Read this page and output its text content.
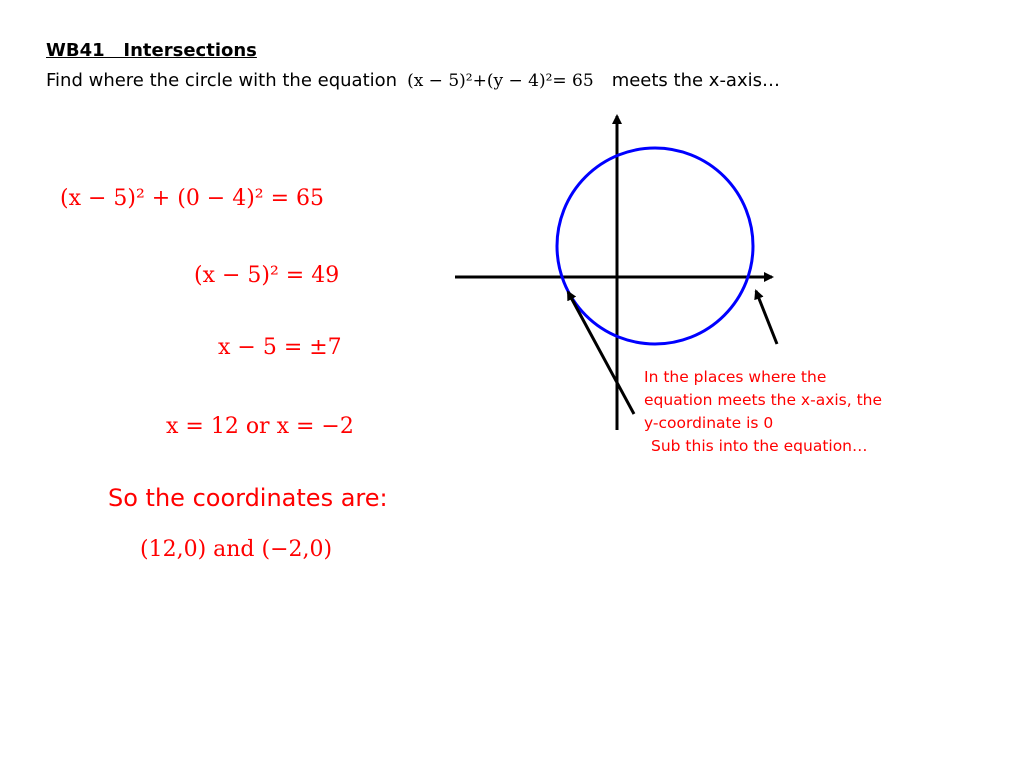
WB41   Intersections
Find where the circle with the equation (x − 5)²+(y − 4)²= 65 meets the x-axis…
(x − 5)² + (0 − 4)² = 65
(x − 5)² = 49
x − 5 = ±7
x = 12 or x = −2
So the coordinates are:
(12,0) and (−2,0)
In the places where the
equation meets the x-axis, the
y-coordinate is 0
Sub this into the equation…
